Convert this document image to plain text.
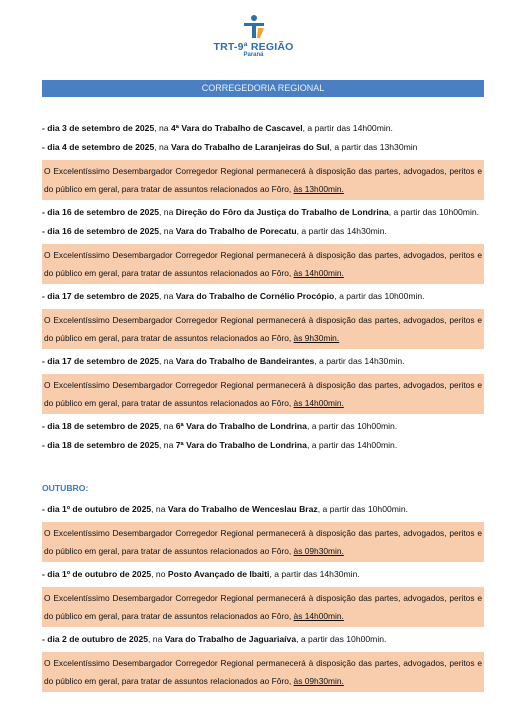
TRT-9ª REGIÃO
Paraná
CORREGEDORIA REGIONAL
- dia 3 de setembro de 2025, na 4ª Vara do Trabalho de Cascavel, a partir das 14h00min.
- dia 4 de setembro de 2025, na Vara do Trabalho de Laranjeiras do Sul, a partir das 13h30min
O Excelentíssimo Desembargador Corregedor Regional permanecerá à disposição das partes, advogados, peritos e do público em geral, para tratar de assuntos relacionados ao Fôro, às 13h00min.
- dia 16 de setembro de 2025, na Direção do Fôro da Justiça do Trabalho de Londrina, a partir das 10h00min.
- dia 16 de setembro de 2025, na Vara do Trabalho de Porecatu, a partir das 14h30min.
O Excelentíssimo Desembargador Corregedor Regional permanecerá à disposição das partes, advogados, peritos e do público em geral, para tratar de assuntos relacionados ao Fôro, às 14h00min.
- dia 17 de setembro de 2025, na Vara do Trabalho de Cornélio Procópio, a partir das 10h00min.
O Excelentíssimo Desembargador Corregedor Regional permanecerá à disposição das partes, advogados, peritos e do público em geral, para tratar de assuntos relacionados ao Fôro, às 9h30min.
- dia 17 de setembro de 2025, na Vara do Trabalho de Bandeirantes, a partir das 14h30min.
O Excelentíssimo Desembargador Corregedor Regional permanecerá à disposição das partes, advogados, peritos e do público em geral, para tratar de assuntos relacionados ao Fôro, às 14h00min.
- dia 18 de setembro de 2025, na 6ª Vara do Trabalho de Londrina, a partir das 10h00min.
- dia 18 de setembro de 2025, na 7ª Vara do Trabalho de Londrina, a partir das 14h00min.
OUTUBRO:
- dia 1º de outubro de 2025, na Vara do Trabalho de Wenceslau Braz, a partir das 10h00min.
O Excelentíssimo Desembargador Corregedor Regional permanecerá à disposição das partes, advogados, peritos e do público em geral, para tratar de assuntos relacionados ao Fôro, às 09h30min.
- dia 1º de outubro de 2025, no Posto Avançado de Ibaiti, a partir das 14h30min.
O Excelentíssimo Desembargador Corregedor Regional permanecerá à disposição das partes, advogados, peritos e do público em geral, para tratar de assuntos relacionados ao Fôro, às 14h00min.
- dia 2 de outubro de 2025, na Vara do Trabalho de Jaguariaíva, a partir das 10h00min.
O Excelentíssimo Desembargador Corregedor Regional permanecerá à disposição das partes, advogados, peritos e do público em geral, para tratar de assuntos relacionados ao Fôro, às 09h30min.
